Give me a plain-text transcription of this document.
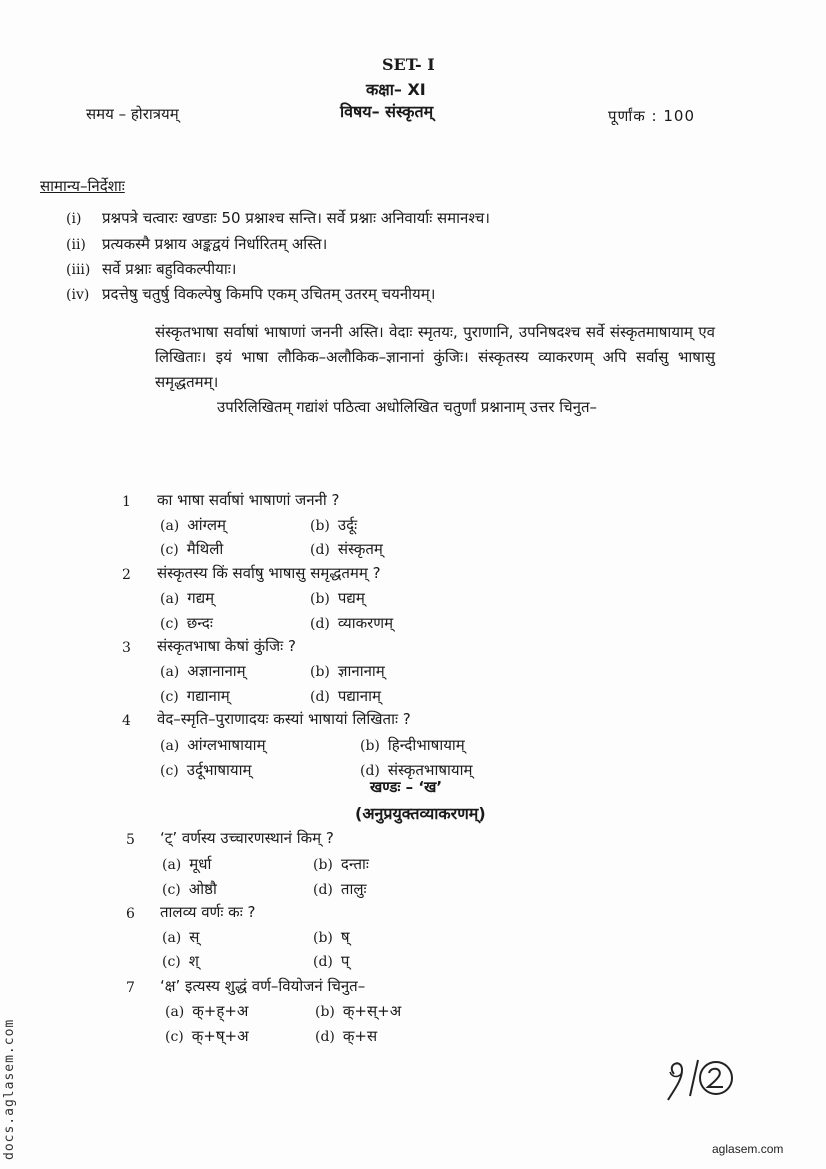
SET- I
कक्षा– XI
समय – होरात्रयम्	विषय– संस्कृतम्	पूर्णांक : 100
सामान्य–निर्देशाः
(i) प्रश्नपत्रे चत्वारः खण्डाः 50 प्रश्नाश्च सन्ति। सर्वे प्रश्नाः अनिवार्याः समानश्च।
(ii) प्रत्यकस्मै प्रश्नाय अङ्कद्वयं निर्धारितम् अस्ति।
(iii) सर्वे प्रश्नाः बहुविकल्पीयाः।
(iv) प्रदत्तेषु चतुर्षु विकल्पेषु किमपि एकम् उचितम् उतरम् चयनीयम्।

संस्कृतभाषा सर्वाषां भाषाणां जननी अस्ति। वेदाः स्मृतयः, पुराणानि, उपनिषदश्च सर्वे संस्कृतमाषायाम् एव लिखिताः। इयं भाषा लौकिक–अलौकिक–ज्ञानानां कुंजिः। संस्कृतस्य व्याकरणम् अपि सर्वासु भाषासु समृद्धतमम्।

उपरिलिखितम् गद्यांशं पठित्वा अधोलिखित चतुर्णां प्रश्नानाम् उत्तर चिनुत–

1 का भाषा सर्वाषां भाषाणां जननी ?
(a) आंग्लम्	(b) उर्दूः
(c) मैथिली	(d) संस्कृतम्
2 संस्कृतस्य किं सर्वाषु भाषासु समृद्धतमम् ?
(a) गद्यम्	(b) पद्यम्
(c) छन्दः	(d) व्याकरणम्
3 संस्कृतभाषा केषां कुंजिः ?
(a) अज्ञानानाम्	(b) ज्ञानानाम्
(c) गद्यानाम्	(d) पद्यानाम्
4 वेद–स्मृति–पुराणादयः कस्यां भाषायां लिखिताः ?
(a) आंग्लभाषायाम्	(b) हिन्दीभाषायाम्
(c) उर्दूभाषायाम्	(d) संस्कृतभाषायाम्
खण्डः – ‘ख’
(अनुप्रयुक्तव्याकरणम्)
5 ‘ट्’ वर्णस्य उच्चारणस्थानं किम् ?
(a) मूर्धा	(b) दन्ताः
(c) ओष्ठौ	(d) तालुः
6 तालव्य वर्णः कः ?
(a) स्	(b) ष्
(c) श्	(d) प्
7 ‘क्ष’ इत्यस्य शुद्धं वर्ण–वियोजनं चिनुत–
(a) क्+ह्+अ	(b) क्+स्+अ
(c) क्+ष्+अ	(d) क्+स
docs.aglasem.com	aglasem.com
